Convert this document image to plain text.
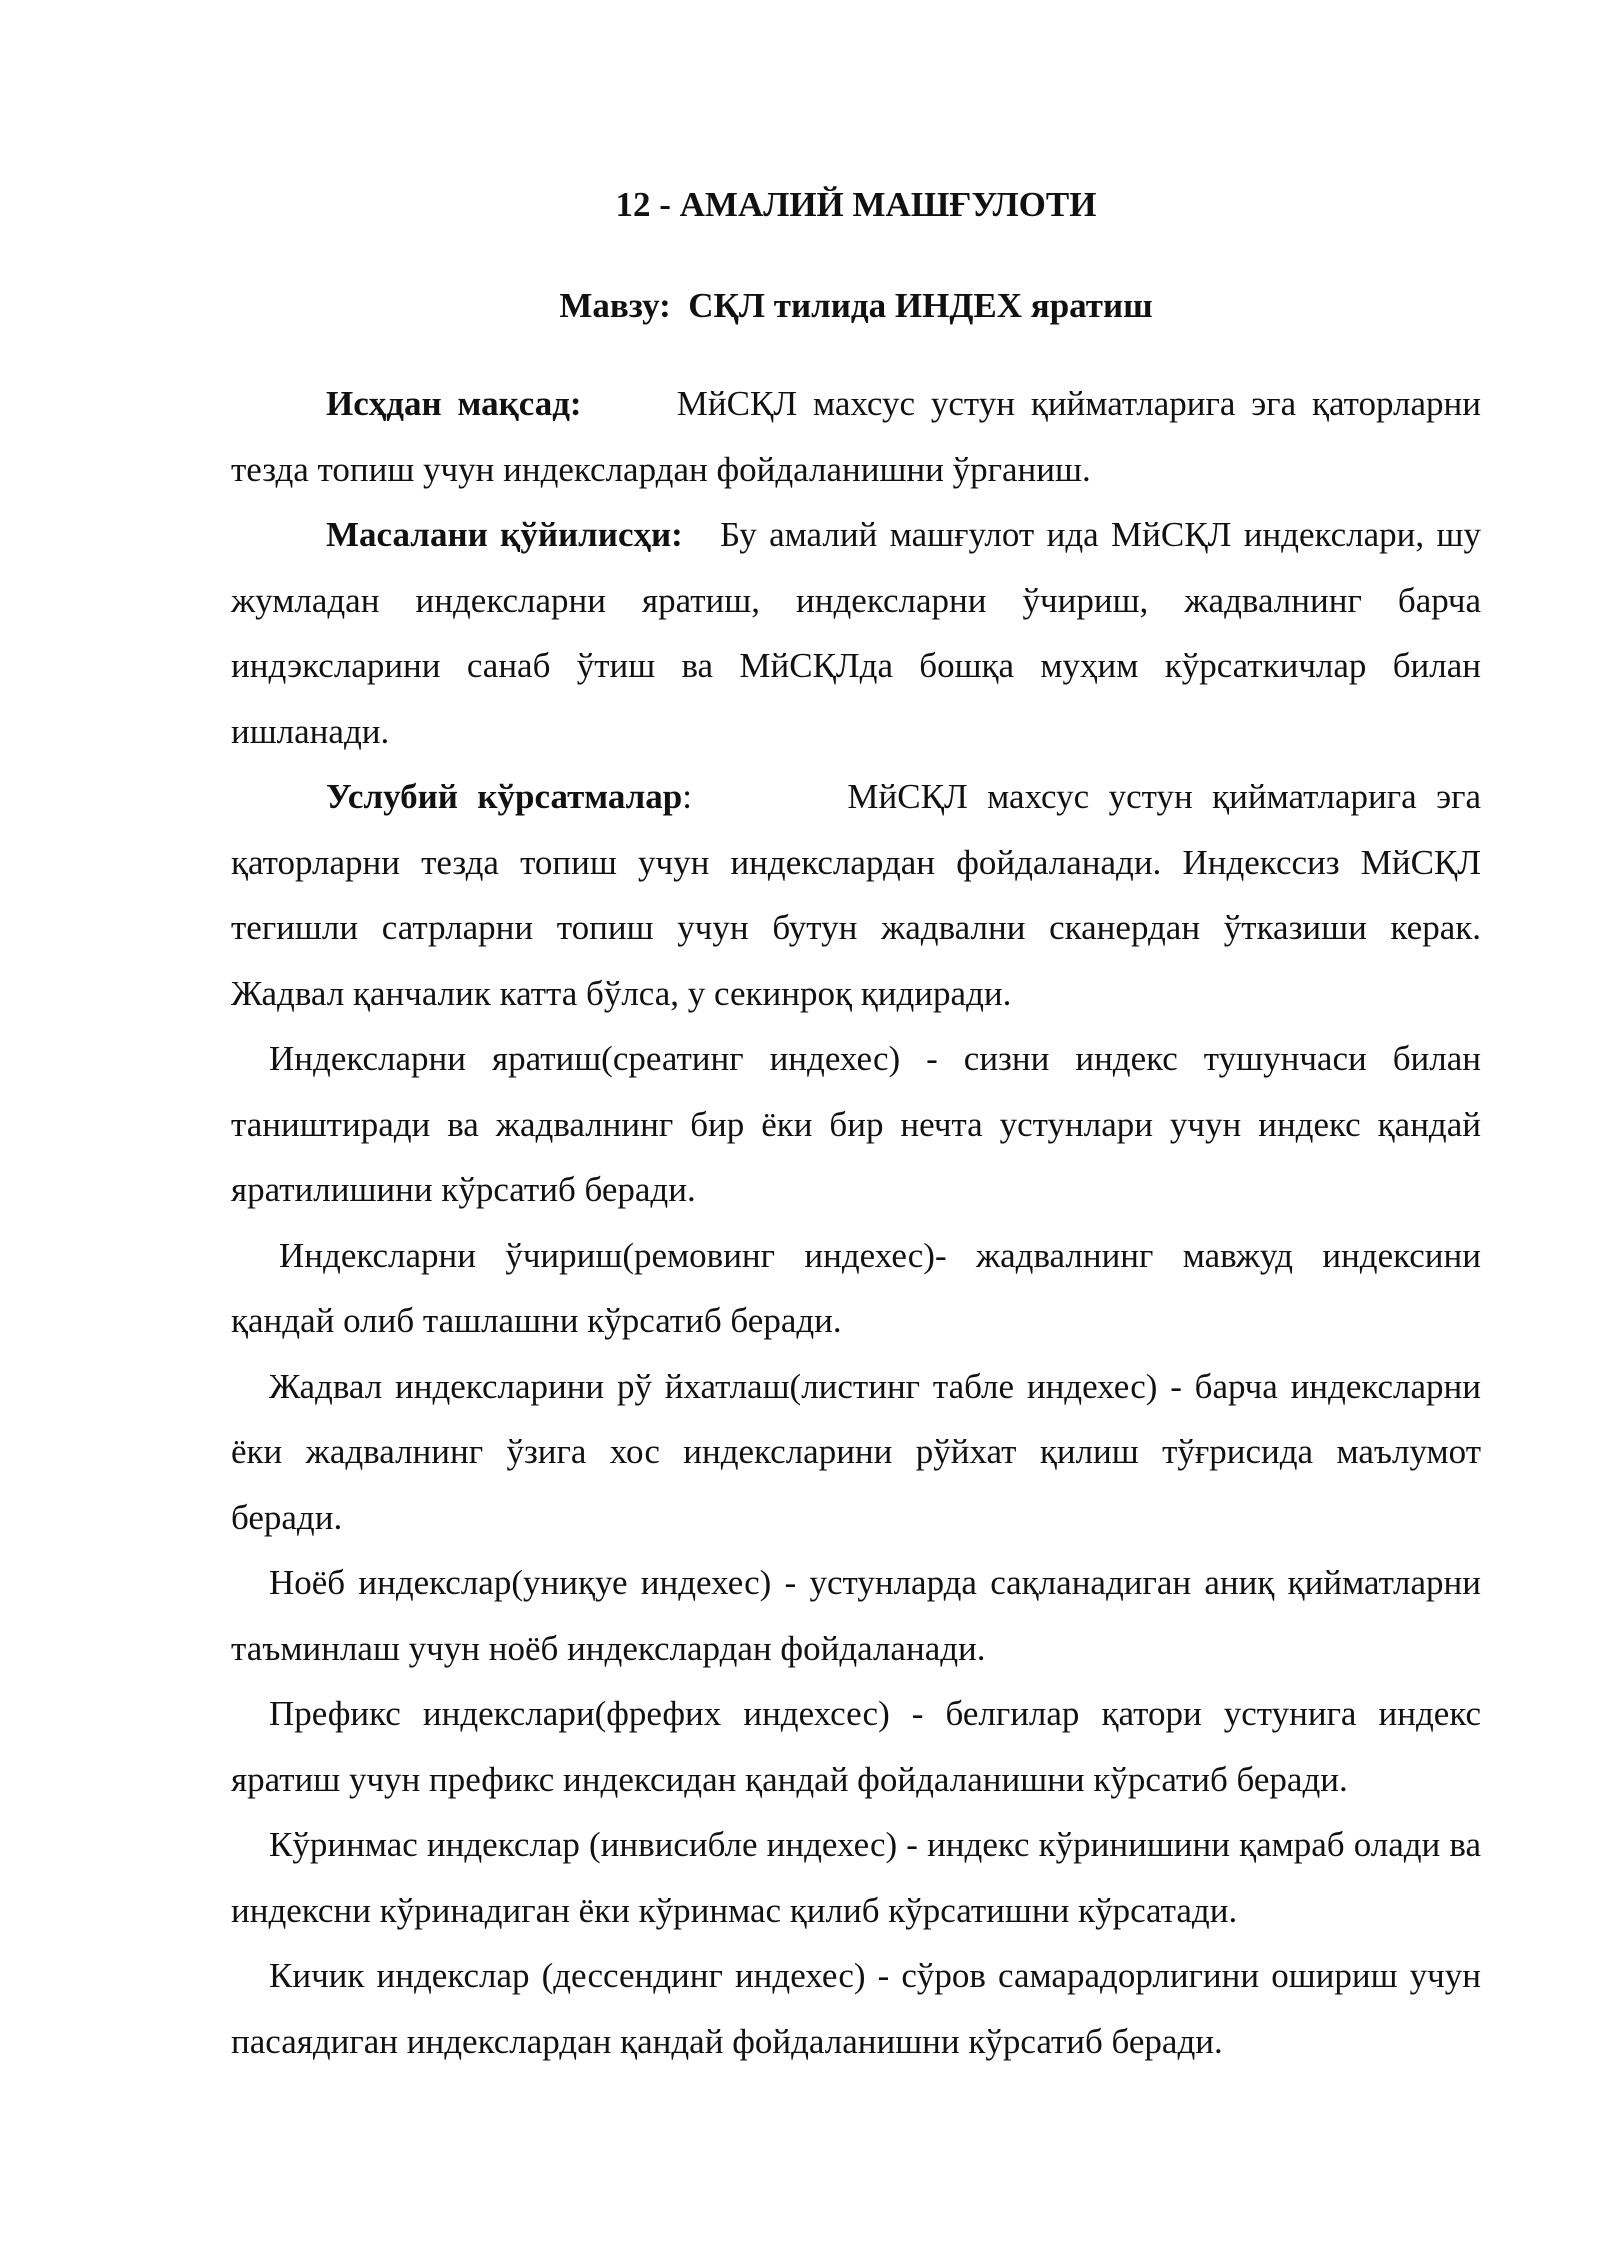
12 - АМАЛИЙ МАШҒУЛОТИ
Мавзу: СҚЛ тилида ИНДЕХ яратиш

Исҳдан мақсад:	МйСҚЛ махсус устун қийматларига эга қаторларни тезда топиш учун индекслардан фойдаланишни ўрганиш.

Масалани қўйилисҳи: Бу амалий машғулот ида МйСҚЛ индекслари, шу жумладан индексларни яратиш, индексларни ўчириш, жадвалнинг барча индэксларини санаб ўтиш ва МйСҚЛда бошқа муҳим кўрсаткичлар билан ишланади.

Услубий кўрсатмалар:	МйСҚЛ махсус устун қийматларига эга қаторларни тезда топиш учун индекслардан фойдаланади. Индекссиз МйСҚЛ тегишли сатрларни топиш учун бутун жадвални сканердан ўтказиши керак. Жадвал қанчалик катта бўлса, у секинроқ қидиради.

Индексларни яратиш(среатинг индехес) - сизни индекс тушунчаси билан таништиради ва жадвалнинг бир ёки бир нечта устунлари учун индекс қандай яратилишини кўрсатиб беради.

Индексларни ўчириш(ремовинг индехес)- жадвалнинг мавжуд индексини қандай олиб ташлашни кўрсатиб беради.

Жадвал индексларини рў йхатлаш(листинг табле индехес) - барча индексларни ёки жадвалнинг ўзига хос индексларини рўйхат қилиш тўғрисида маълумот беради.

Ноёб индекслар(униқуе индехес) - устунларда сақланадиган аниқ қийматларни таъминлаш учун ноёб индекслардан фойдаланади.

Префикс индекслари(фрефих индехсес) - белгилар қатори устунига индекс яратиш учун префикс индексидан қандай фойдаланишни кўрсатиб беради.

Кўринмас индекслар (инвисибле индехес) - индекс кўринишини қамраб олади ва индексни кўринадиган ёки кўринмас қилиб кўрсатишни кўрсатади.

Кичик индекслар (дессендинг индехес) - сўров самарадорлигини ошириш учун пасаядиган индекслардан қандай фойдаланишни кўрсатиб беради.
